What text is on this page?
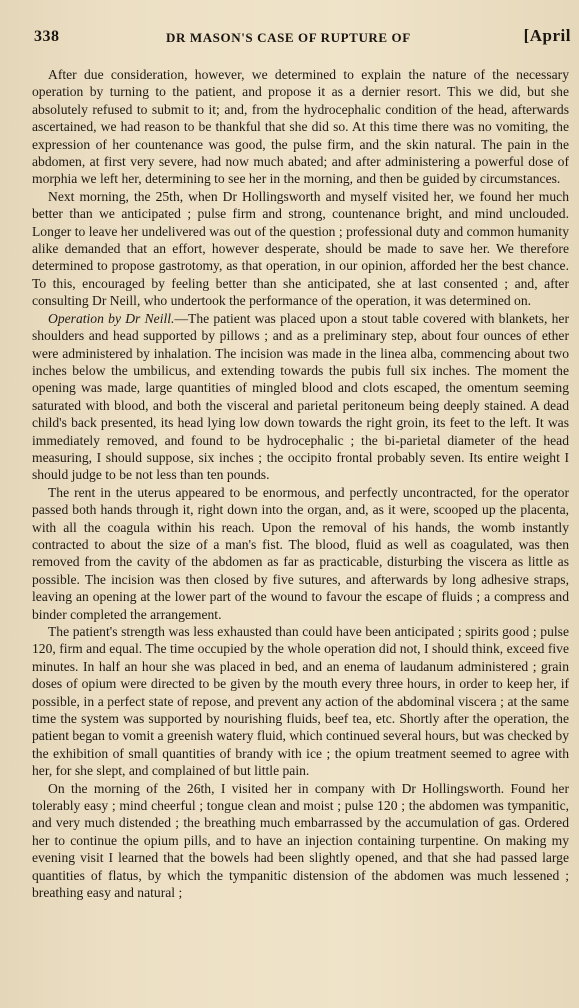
338	DR MASON'S CASE OF RUPTURE OF	[April

After due consideration, however, we determined to explain the nature of the necessary operation by turning to the patient, and propose it as a dernier resort. This we did, but she absolutely refused to submit to it; and, from the hydrocephalic condition of the head, afterwards ascertained, we had reason to be thankful that she did so. At this time there was no vomiting, the expression of her countenance was good, the pulse firm, and the skin natural. The pain in the abdomen, at first very severe, had now much abated; and after administering a powerful dose of morphia we left her, determining to see her in the morning, and then be guided by circumstances.

Next morning, the 25th, when Dr Hollingsworth and myself visited her, we found her much better than we anticipated ; pulse firm and strong, countenance bright, and mind unclouded. Longer to leave her undelivered was out of the question ; professional duty and common humanity alike demanded that an effort, however desperate, should be made to save her. We therefore determined to propose gastrotomy, as that operation, in our opinion, afforded her the best chance. To this, encouraged by feeling better than she anticipated, she at last consented ; and, after consulting Dr Neill, who undertook the performance of the operation, it was determined on.

Operation by Dr Neill.—The patient was placed upon a stout table covered with blankets, her shoulders and head supported by pillows ; and as a preliminary step, about four ounces of ether were administered by inhalation. The incision was made in the linea alba, commencing about two inches below the umbilicus, and extending towards the pubis full six inches. The moment the opening was made, large quantities of mingled blood and clots escaped, the omentum seeming saturated with blood, and both the visceral and parietal peritoneum being deeply stained. A dead child's back presented, its head lying low down towards the right groin, its feet to the left. It was immediately removed, and found to be hydrocephalic ; the bi-parietal diameter of the head measuring, I should suppose, six inches ; the occipito frontal probably seven. Its entire weight I should judge to be not less than ten pounds.

The rent in the uterus appeared to be enormous, and perfectly uncontracted, for the operator passed both hands through it, right down into the organ, and, as it were, scooped up the placenta, with all the coagula within his reach. Upon the removal of his hands, the womb instantly contracted to about the size of a man's fist. The blood, fluid as well as coagulated, was then removed from the cavity of the abdomen as far as practicable, disturbing the viscera as little as possible. The incision was then closed by five sutures, and afterwards by long adhesive straps, leaving an opening at the lower part of the wound to favour the escape of fluids ; a compress and binder completed the arrangement.

The patient's strength was less exhausted than could have been anticipated ; spirits good ; pulse 120, firm and equal. The time occupied by the whole operation did not, I should think, exceed five minutes. In half an hour she was placed in bed, and an enema of laudanum administered ; grain doses of opium were directed to be given by the mouth every three hours, in order to keep her, if possible, in a perfect state of repose, and prevent any action of the abdominal viscera ; at the same time the system was supported by nourishing fluids, beef tea, etc. Shortly after the operation, the patient began to vomit a greenish watery fluid, which continued several hours, but was checked by the exhibition of small quantities of brandy with ice ; the opium treatment seemed to agree with her, for she slept, and complained of but little pain.

On the morning of the 26th, I visited her in company with Dr Hollingsworth. Found her tolerably easy ; mind cheerful ; tongue clean and moist ; pulse 120 ; the abdomen was tympanitic, and very much distended ; the breathing much embarrassed by the accumulation of gas. Ordered her to continue the opium pills, and to have an injection containing turpentine. On making my evening visit I learned that the bowels had been slightly opened, and that she had passed large quantities of flatus, by which the tympanitic distension of the abdomen was much lessened ; breathing easy and natural ;
